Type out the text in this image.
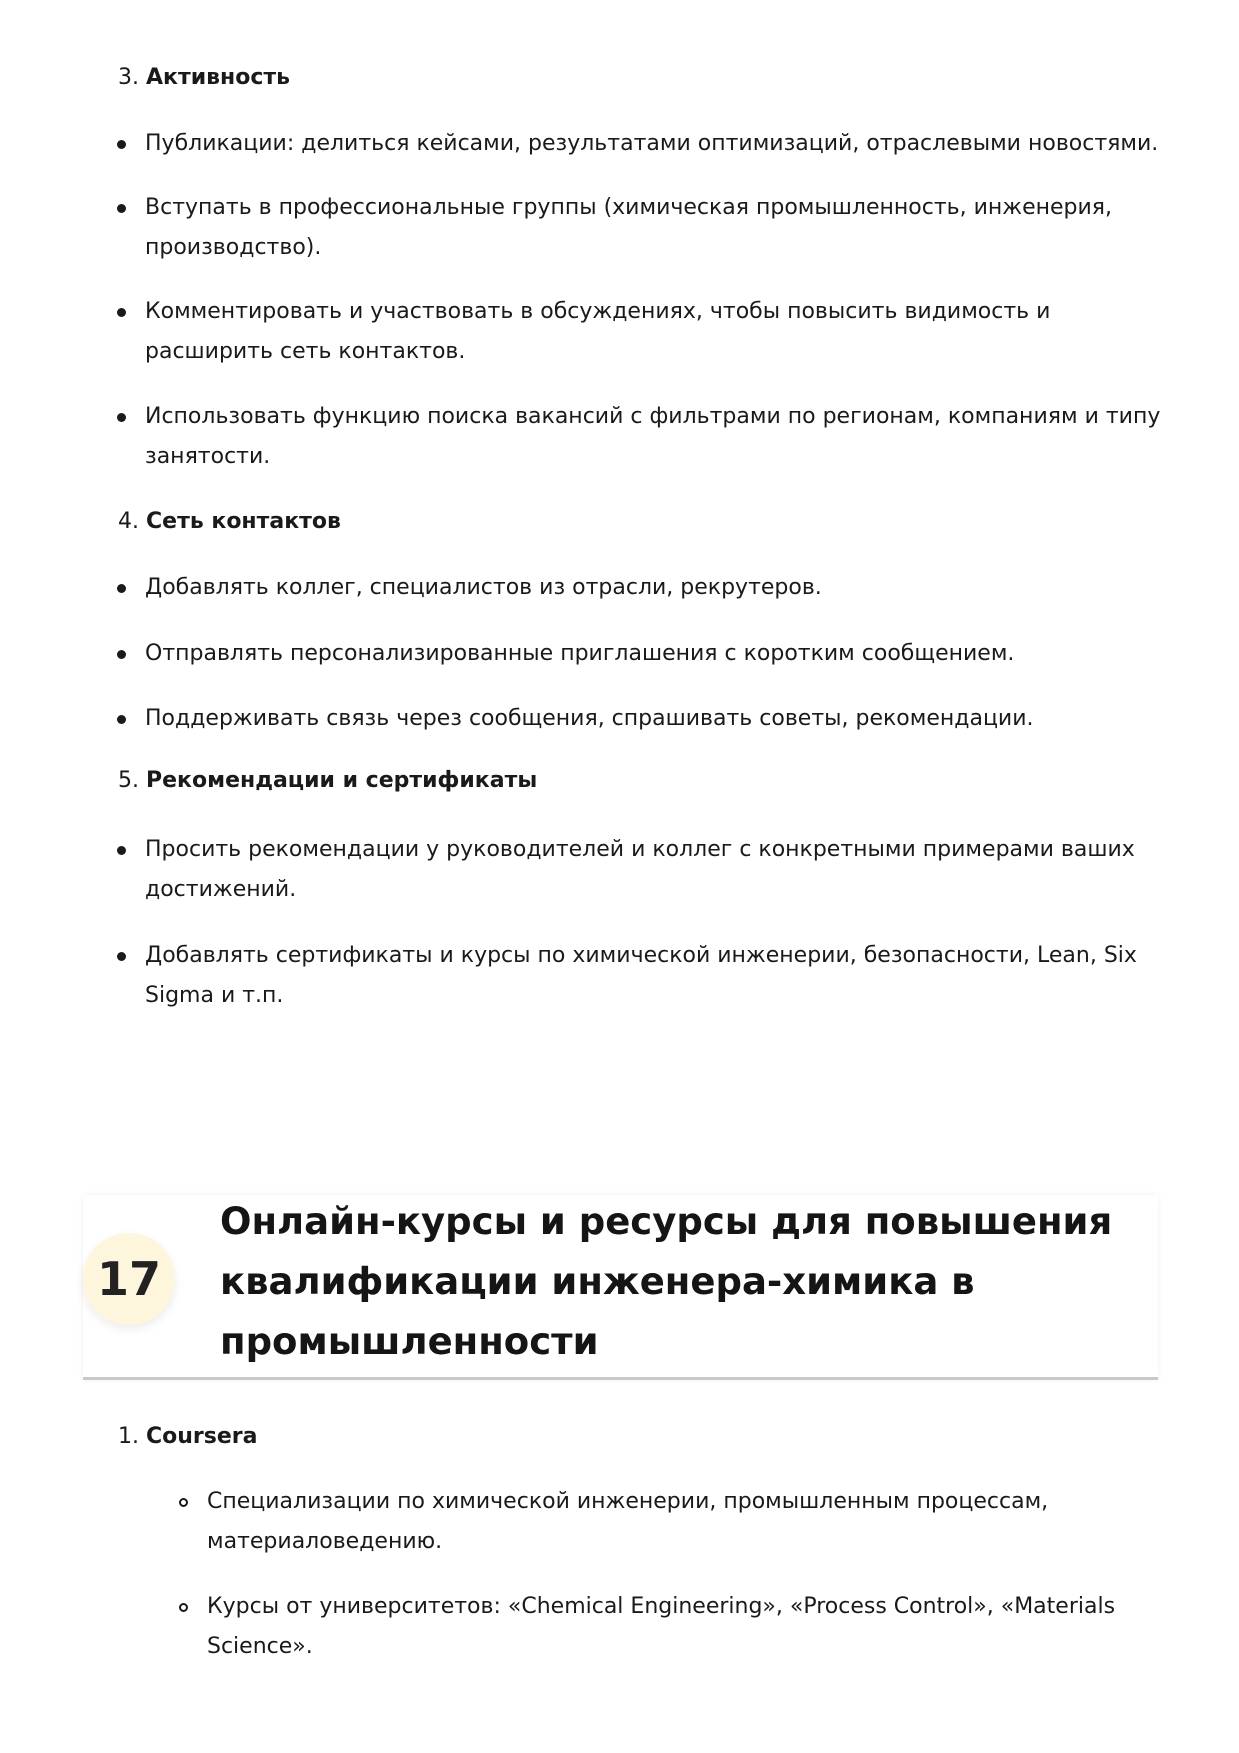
3. Активность
Публикации: делиться кейсами, результатами оптимизаций, отраслевыми новостями.
Вступать в профессиональные группы (химическая промышленность, инженерия,
производство).
Комментировать и участвовать в обсуждениях, чтобы повысить видимость и
расширить сеть контактов.
Использовать функцию поиска вакансий с фильтрами по регионам, компаниям и типу
занятости.
4. Сеть контактов
Добавлять коллег, специалистов из отрасли, рекрутеров.
Отправлять персонализированные приглашения с коротким сообщением.
Поддерживать связь через сообщения, спрашивать советы, рекомендации.
5. Рекомендации и сертификаты
Просить рекомендации у руководителей и коллег с конкретными примерами ваших
достижений.
Добавлять сертификаты и курсы по химической инженерии, безопасности, Lean, Six
Sigma и т.п.
17
Онлайн-курсы и ресурсы для повышения
квалификации инженера-химика в
промышленности
1. Coursera
Специализации по химической инженерии, промышленным процессам,
материаловедению.
Курсы от университетов: «Chemical Engineering», «Process Control», «Materials
Science».
